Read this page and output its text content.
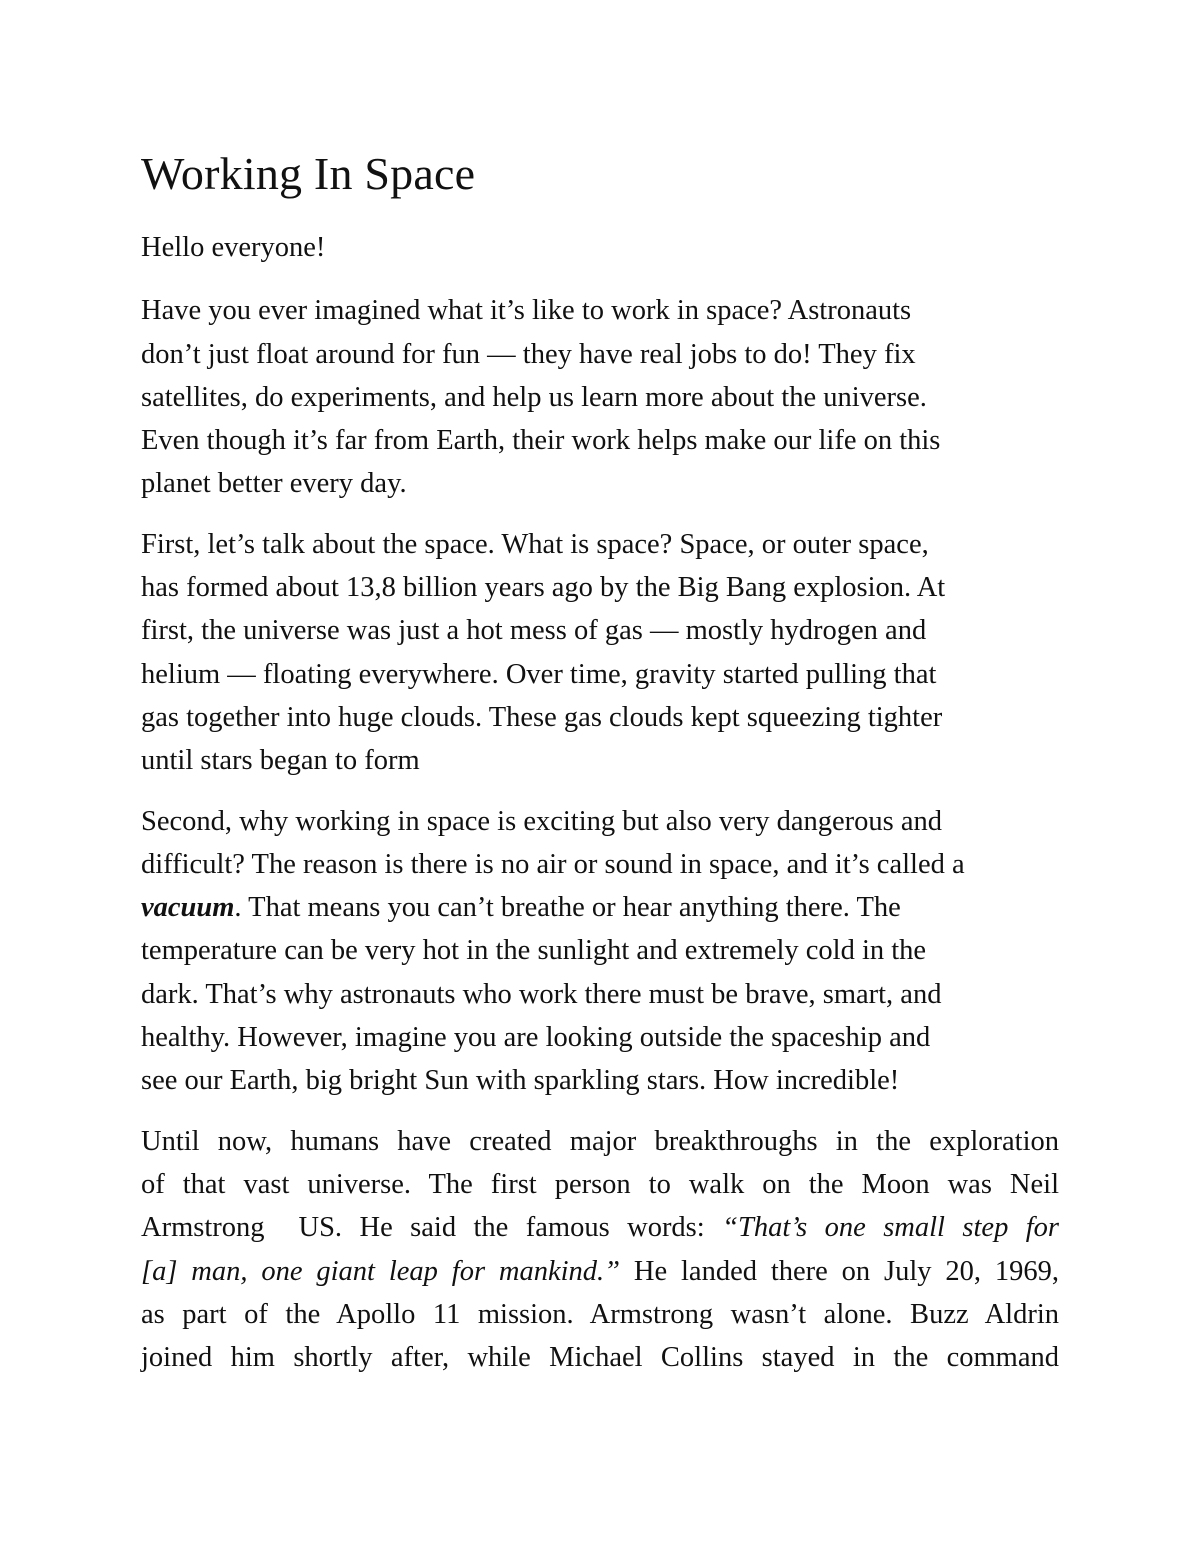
Working In Space

Hello everyone!

Have you ever imagined what it’s like to work in space? Astronauts
don’t just float around for fun — they have real jobs to do! They fix
satellites, do experiments, and help us learn more about the universe.
Even though it’s far from Earth, their work helps make our life on this
planet better every day.

First, let’s talk about the space. What is space? Space, or outer space,
has formed about 13,8 billion years ago by the Big Bang explosion. At
first, the universe was just a hot mess of gas — mostly hydrogen and
helium — floating everywhere. Over time, gravity started pulling that
gas together into huge clouds. These gas clouds kept squeezing tighter
until stars began to form

Second, why working in space is exciting but also very dangerous and
difficult? The reason is there is no air or sound in space, and it’s called a
vacuum. That means you can’t breathe or hear anything there. The
temperature can be very hot in the sunlight and extremely cold in the
dark. That’s why astronauts who work there must be brave, smart, and
healthy. However, imagine you are looking outside the spaceship and
see our Earth, big bright Sun with sparkling stars. How incredible!

Until now, humans have created major breakthroughs in the exploration
of that vast universe. The first person to walk on the Moon was Neil
Armstrong US. He said the famous words: “That’s one small step for
[a] man, one giant leap for mankind.” He landed there on July 20, 1969,
as part of the Apollo 11 mission. Armstrong wasn’t alone. Buzz Aldrin
joined him shortly after, while Michael Collins stayed in the command
